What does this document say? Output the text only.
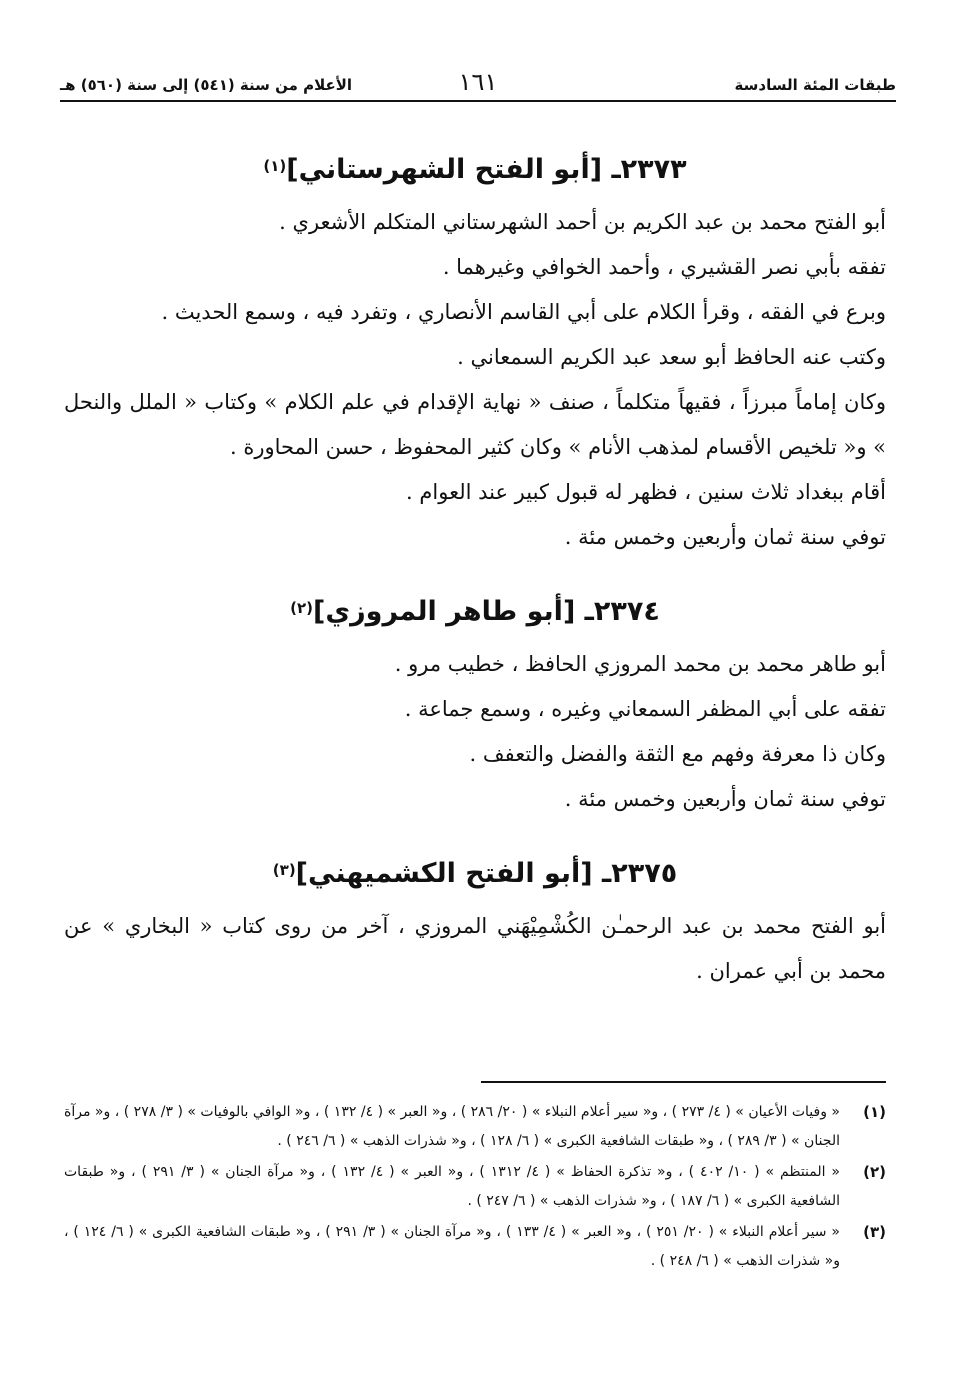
طبقات المئة السادسة
١٦١
الأعلام من سنة (٥٤١) إلى سنة (٥٦٠) هـ
٢٣٧٣ـ [أبو الفتح الشهرستاني]$^{(١)}$

أبو الفتح محمد بن عبد الكريم بن أحمد الشهرستاني المتكلم الأشعري .

تفقه بأبي نصر القشيري ، وأحمد الخوافي وغيرهما .

وبرع في الفقه ، وقرأ الكلام على أبي القاسم الأنصاري ، وتفرد فيه ، وسمع الحديث .

وكتب عنه الحافظ أبو سعد عبد الكريم السمعاني .

وكان إماماً مبرزاً ، فقيهاً متكلماً ، صنف « نهاية الإقدام في علم الكلام » وكتاب « الملل والنحل » و« تلخيص الأقسام لمذهب الأنام » وكان كثير المحفوظ ، حسن المحاورة .

أقام ببغداد ثلاث سنين ، فظهر له قبول كبير عند العوام .

توفي سنة ثمان وأربعين وخمس مئة .

٢٣٧٤ـ [أبو طاهر المروزي]$^{(٢)}$

أبو طاهر محمد بن محمد المروزي الحافظ ، خطيب مرو .

تفقه على أبي المظفر السمعاني وغيره ، وسمع جماعة .

وكان ذا معرفة وفهم مع الثقة والفضل والتعفف .

توفي سنة ثمان وأربعين وخمس مئة .

٢٣٧٥ـ [أبو الفتح الكشميهني]$^{(٣)}$

أبو الفتح محمد بن عبد الرحمـٰن الكُشْمِيْهَني المروزي ، آخر من روى كتاب « البخاري » عن محمد بن أبي عمران .

(١)
« وفيات الأعيان » ( ٤/ ٢٧٣ ) ، و« سير أعلام النبلاء » ( ٢٠/ ٢٨٦ ) ، و« العبر » ( ٤/ ١٣٢ ) ، و« الوافي بالوفيات » ( ٣/ ٢٧٨ ) ، و« مرآة الجنان » ( ٣/ ٢٨٩ ) ، و« طبقات الشافعية الكبرى » ( ٦/ ١٢٨ ) ، و« شذرات الذهب » ( ٦/ ٢٤٦ ) .
(٢)
« المنتظم » ( ١٠/ ٤٠٢ ) ، و« تذكرة الحفاظ » ( ٤/ ١٣١٢ ) ، و« العبر » ( ٤/ ١٣٢ ) ، و« مرآة الجنان » ( ٣/ ٢٩١ ) ، و« طبقات الشافعية الكبرى » ( ٦/ ١٨٧ ) ، و« شذرات الذهب » ( ٦/ ٢٤٧ ) .
(٣)
« سير أعلام النبلاء » ( ٢٠/ ٢٥١ ) ، و« العبر » ( ٤/ ١٣٣ ) ، و« مرآة الجنان » ( ٣/ ٢٩١ ) ، و« طبقات الشافعية الكبرى » ( ٦/ ١٢٤ ) ، و« شذرات الذهب » ( ٦/ ٢٤٨ ) .
